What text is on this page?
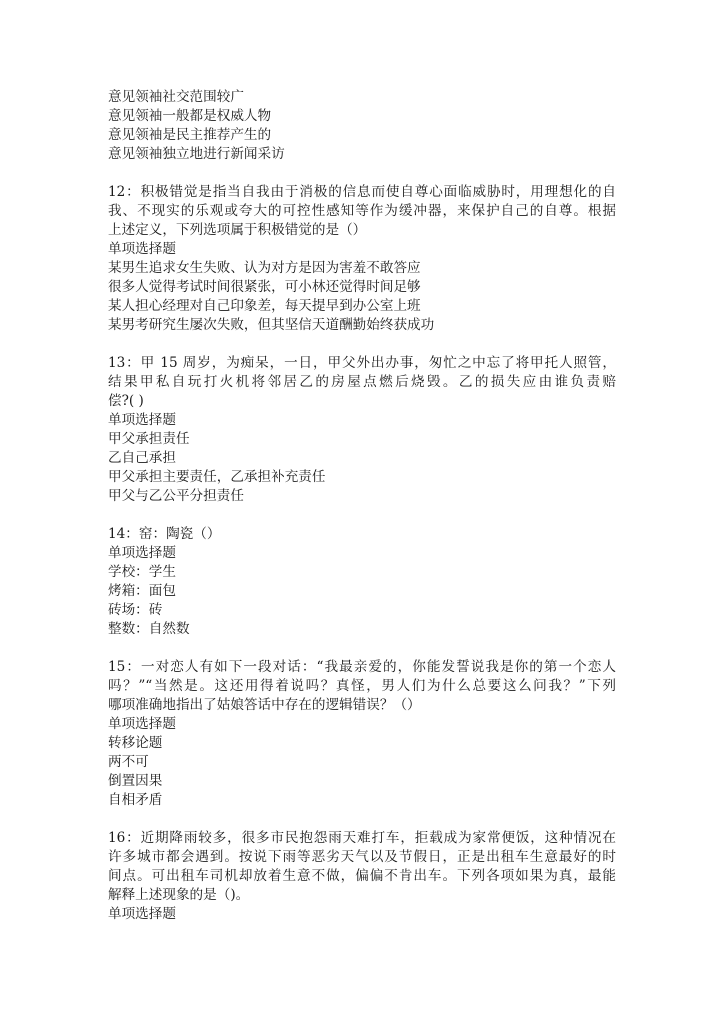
意见领袖社交范围较广
意见领袖一般都是权威人物
意见领袖是民主推荐产生的
意见领袖独立地进行新闻采访
12：积极错觉是指当自我由于消极的信息而使自尊心面临威胁时，用理想化的自
我、不现实的乐观或夸大的可控性感知等作为缓冲器，来保护自己的自尊。根据
上述定义，下列选项属于积极错觉的是（）
单项选择题
某男生追求女生失败、认为对方是因为害羞不敢答应
很多人觉得考试时间很紧张，可小林还觉得时间足够
某人担心经理对自己印象差，每天提早到办公室上班
某男考研究生屡次失败，但其坚信天道酬勤始终获成功
13：甲 15 周岁，为痴呆，一日，甲父外出办事，匆忙之中忘了将甲托人照管，
结果甲私自玩打火机将邻居乙的房屋点燃后烧毁。乙的损失应由谁负责赔
偿?( )
单项选择题
甲父承担责任
乙自己承担
甲父承担主要责任，乙承担补充责任
甲父与乙公平分担责任
14：窑：陶瓷（）
单项选择题
学校：学生
烤箱：面包
砖场：砖
整数：自然数
15：一对恋人有如下一段对话：“我最亲爱的，你能发誓说我是你的第一个恋人
吗？”“当然是。这还用得着说吗？真怪，男人们为什么总要这么问我？”下列
哪项准确地指出了姑娘答话中存在的逻辑错误？（）
单项选择题
转移论题
两不可
倒置因果
自相矛盾
16：近期降雨较多，很多市民抱怨雨天难打车，拒载成为家常便饭，这种情况在
许多城市都会遇到。按说下雨等恶劣天气以及节假日，正是出租车生意最好的时
间点。可出租车司机却放着生意不做，偏偏不肯出车。下列各项如果为真，最能
解释上述现象的是（)。
单项选择题
